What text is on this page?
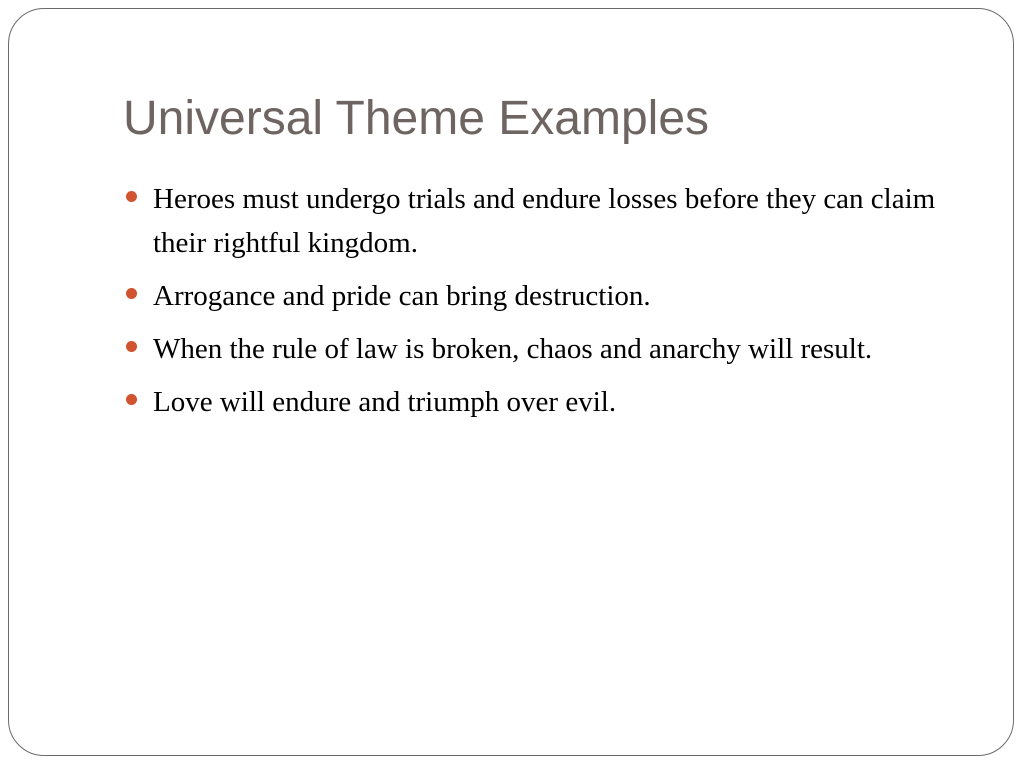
Universal Theme Examples
Heroes must undergo trials and endure losses before they can claim their rightful kingdom.
Arrogance and pride can bring destruction.
When the rule of law is broken, chaos and anarchy will result.
Love will endure and triumph over evil.
